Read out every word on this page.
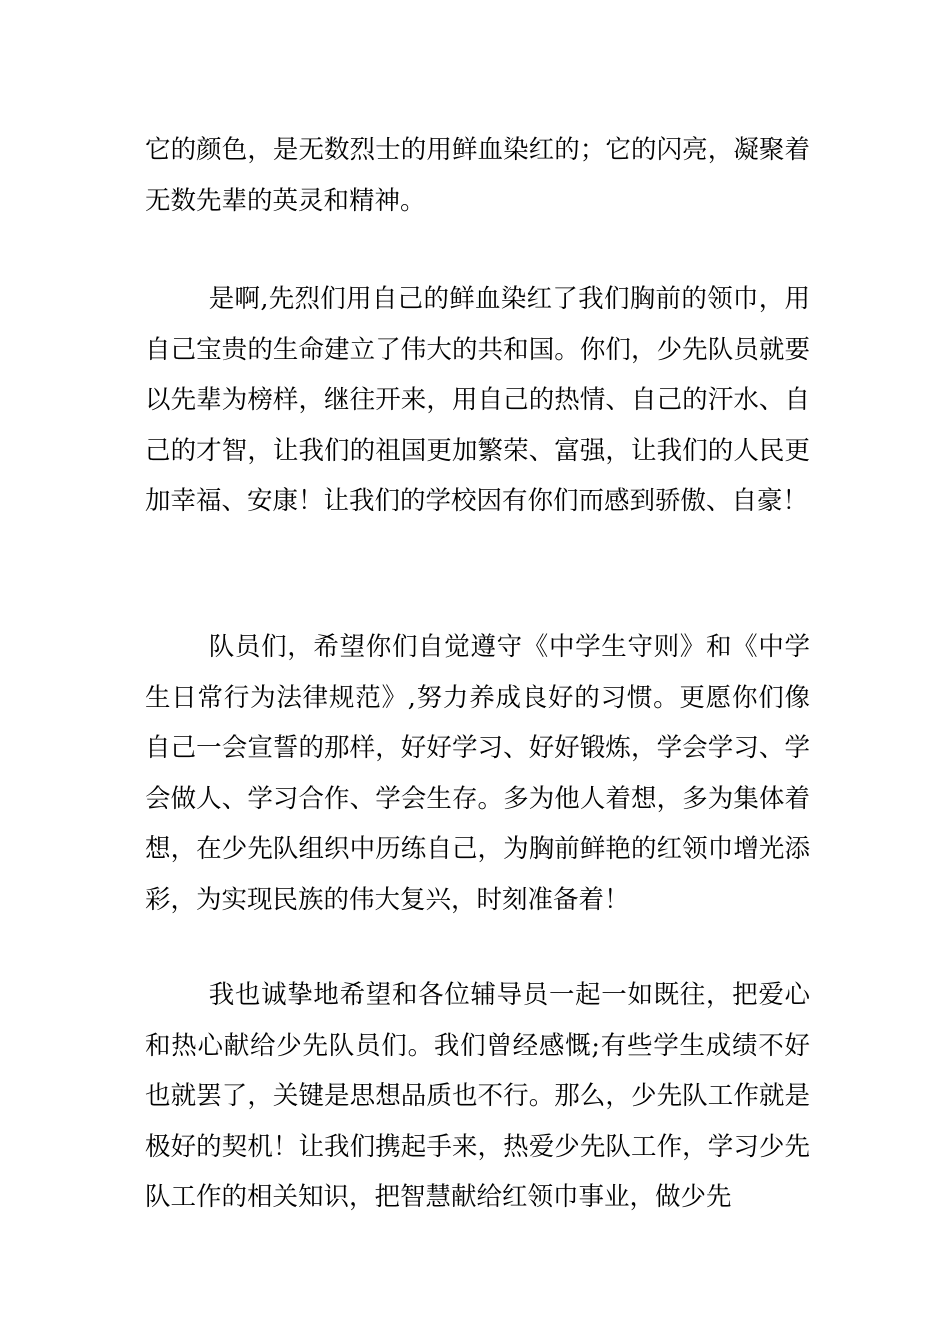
它的颜色，是无数烈士的用鲜血染红的；它的闪亮，凝聚着无数先辈的英灵和精神。

是啊,先烈们用自己的鲜血染红了我们胸前的领巾，用自己宝贵的生命建立了伟大的共和国。你们，少先队员就要以先辈为榜样，继往开来，用自己的热情、自己的汗水、自己的才智，让我们的祖国更加繁荣、富强，让我们的人民更加幸福、安康！让我们的学校因有你们而感到骄傲、自豪！

队员们，希望你们自觉遵守《中学生守则》和《中学生日常行为法律规范》,努力养成良好的习惯。更愿你们像自己一会宣誓的那样，好好学习、好好锻炼，学会学习、学会做人、学习合作、学会生存。多为他人着想，多为集体着想，在少先队组织中历练自己，为胸前鲜艳的红领巾增光添彩，为实现民族的伟大复兴，时刻准备着！

我也诚挚地希望和各位辅导员一起一如既往，把爱心和热心献给少先队员们。我们曾经感慨;有些学生成绩不好也就罢了，关键是思想品质也不行。那么，少先队工作就是极好的契机！让我们携起手来，热爱少先队工作，学习少先队工作的相关知识，把智慧献给红领巾事业，做少先
